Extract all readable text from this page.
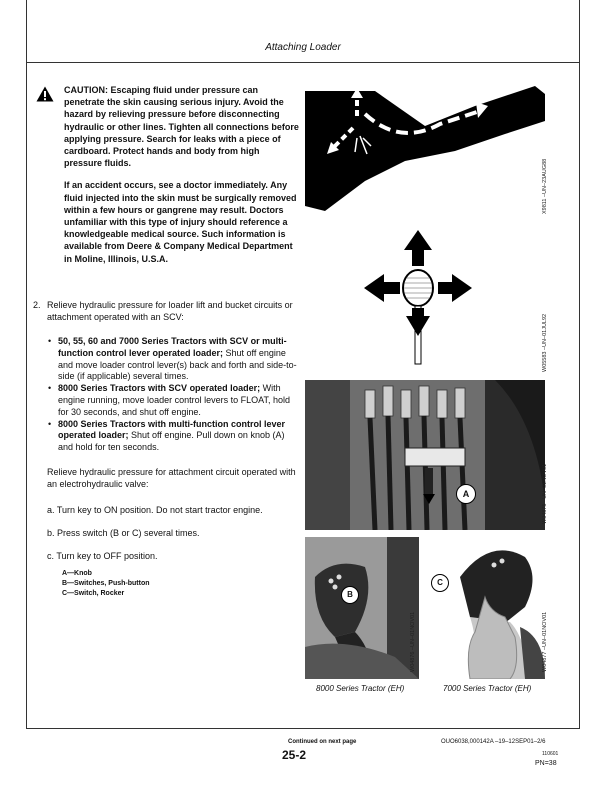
Attaching Loader

CAUTION: Escaping fluid under pressure can penetrate the skin causing serious injury. Avoid the hazard by relieving pressure before disconnecting hydraulic or other lines. Tighten all connections before applying pressure. Search for leaks with a piece of cardboard. Protect hands and body from high pressure fluids.

If an accident occurs, see a doctor immediately. Any fluid injected into the skin must be surgically removed within a few hours or gangrene may result. Doctors unfamiliar with this type of injury should reference a knowledgeable medical source. Such information is available from Deere & Company Medical Department in Moline, Illinois, U.S.A.

2. Relieve hydraulic pressure for loader lift and bucket circuits or attachment operated with an SCV:
• 50, 55, 60 and 7000 Series Tractors with SCV or multi-function control lever operated loader; Shut off engine and move loader control lever(s) back and forth and side-to-side (if applicable) several times.
• 8000 Series Tractors with SCV operated loader; With engine running, move loader control levers to FLOAT, hold for 30 seconds, and shut off engine.
• 8000 Series Tractors with multi-function control lever operated loader; Shut off engine. Pull down on knob (A) and hold for ten seconds.
Relieve hydraulic pressure for attachment circuit operated with an electrohydraulic valve:
a. Turn key to ON position. Do not start tractor engine.
b. Press switch (B or C) several times.
c. Turn key to OFF position.
A—Knob
B—Switches, Push-button
C—Switch, Rocker
X9811 –UN–23AUG88
W05583 –UN–01JUL92
A	W04875 –UN–01NOV01
B
W04876 –UN–01NOV01
C
W04877 –UN–01NOV01
8000 Series Tractor (EH)	7000 Series Tractor (EH)
Continued on next page	OUO6038,000142A –19–12SEP01–2/6
25-2	110601
PN=38
